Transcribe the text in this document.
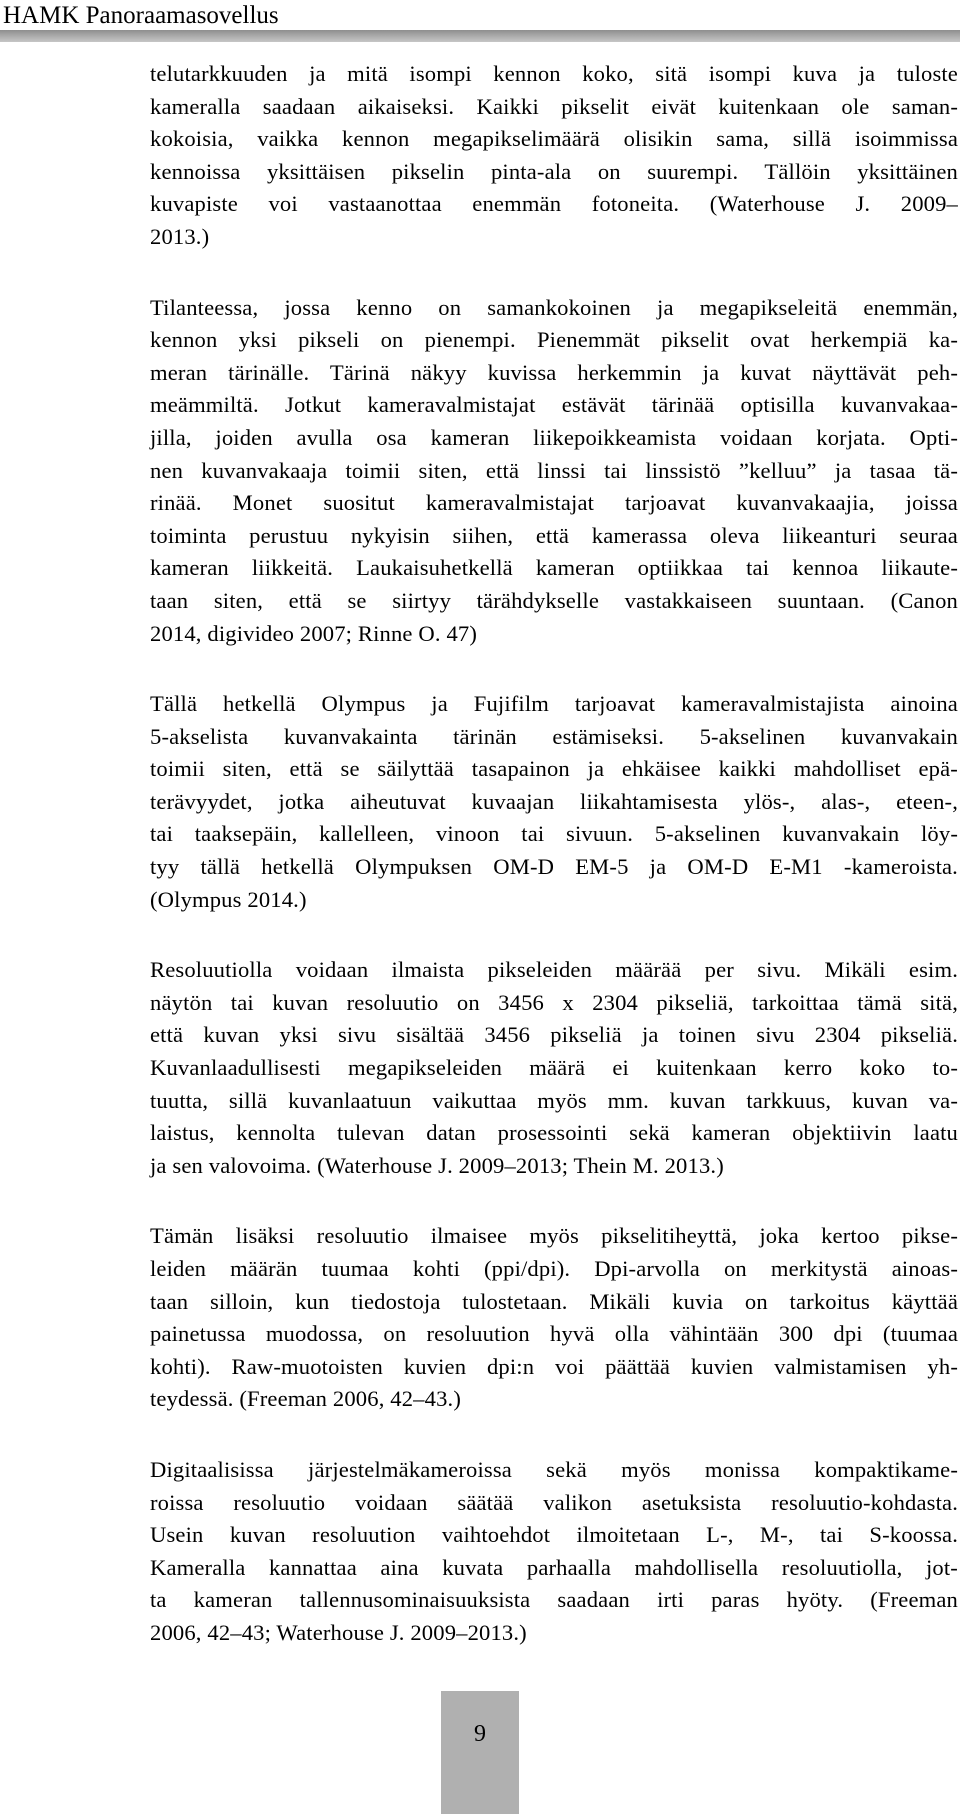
HAMK Panoraamasovellus

telutarkkuuden ja mitä isompi kennon koko, sitä isompi kuva ja tuloste
kameralla saadaan aikaiseksi. Kaikki pikselit eivät kuitenkaan ole saman-
kokoisia, vaikka kennon megapikselimäärä olisikin sama, sillä isoimmissa
kennoissa yksittäisen pikselin pinta-ala on suurempi. Tällöin yksittäinen
kuvapiste voi vastaanottaa enemmän fotoneita. (Waterhouse J. 2009–
2013.)

Tilanteessa, jossa kenno on samankokoinen ja megapikseleitä enemmän,
kennon yksi pikseli on pienempi. Pienemmät pikselit ovat herkempiä ka-
meran tärinälle. Tärinä näkyy kuvissa herkemmin ja kuvat näyttävät peh-
meämmiltä. Jotkut kameravalmistajat estävät tärinää optisilla kuvanvakaa-
jilla, joiden avulla osa kameran liikepoikkeamista voidaan korjata. Opti-
nen kuvanvakaaja toimii siten, että linssi tai linssistö ”kelluu” ja tasaa tä-
rinää. Monet suositut kameravalmistajat tarjoavat kuvanvakaajia, joissa
toiminta perustuu nykyisin siihen, että kamerassa oleva liikeanturi seuraa
kameran liikkeitä. Laukaisuhetkellä kameran optiikkaa tai kennoa liikaute-
taan siten, että se siirtyy tärähdykselle vastakkaiseen suuntaan. (Canon
2014, digivideo 2007; Rinne O. 47)

Tällä hetkellä Olympus ja Fujifilm tarjoavat kameravalmistajista ainoina
5-akselista kuvanvakainta tärinän estämiseksi. 5-akselinen kuvanvakain
toimii siten, että se säilyttää tasapainon ja ehkäisee kaikki mahdolliset epä-
terävyydet, jotka aiheutuvat kuvaajan liikahtamisesta ylös-, alas-, eteen-,
tai taaksepäin, kallelleen, vinoon tai sivuun. 5-akselinen kuvanvakain löy-
tyy tällä hetkellä Olympuksen OM-D EM-5 ja OM-D E-M1 -kameroista.
(Olympus 2014.)

Resoluutiolla voidaan ilmaista pikseleiden määrää per sivu. Mikäli esim.
näytön tai kuvan resoluutio on 3456 x 2304 pikseliä, tarkoittaa tämä sitä,
että kuvan yksi sivu sisältää 3456 pikseliä ja toinen sivu 2304 pikseliä.
Kuvanlaadullisesti megapikseleiden määrä ei kuitenkaan kerro koko to-
tuutta, sillä kuvanlaatuun vaikuttaa myös mm. kuvan tarkkuus, kuvan va-
laistus, kennolta tulevan datan prosessointi sekä kameran objektiivin laatu
ja sen valovoima. (Waterhouse J. 2009–2013; Thein M. 2013.)

Tämän lisäksi resoluutio ilmaisee myös pikselitiheyttä, joka kertoo pikse-
leiden määrän tuumaa kohti (ppi/dpi). Dpi-arvolla on merkitystä ainoas-
taan silloin, kun tiedostoja tulostetaan. Mikäli kuvia on tarkoitus käyttää
painetussa muodossa, on resoluution hyvä olla vähintään 300 dpi (tuumaa
kohti). Raw-muotoisten kuvien dpi:n voi päättää kuvien valmistamisen yh-
teydessä. (Freeman 2006, 42–43.)

Digitaalisissa järjestelmäkameroissa sekä myös monissa kompaktikame-
roissa resoluutio voidaan säätää valikon asetuksista resoluutio-kohdasta.
Usein kuvan resoluution vaihtoehdot ilmoitetaan L-, M-, tai S-koossa.
Kameralla kannattaa aina kuvata parhaalla mahdollisella resoluutiolla, jot-
ta kameran tallennusominaisuuksista saadaan irti paras hyöty. (Freeman
2006, 42–43; Waterhouse J. 2009–2013.)

9
